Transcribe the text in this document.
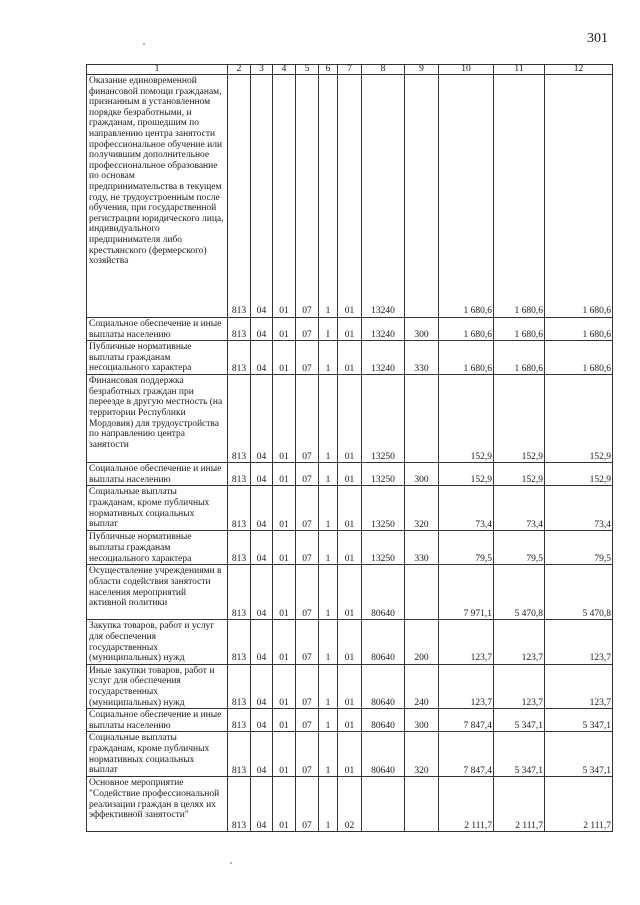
301
1	2	3	4	5	6	7	8	9	10	11	12
Оказание единовременной финансовой помощи гражданам, признанным в установленном порядке безработными, и гражданам, прошедшим по направлению центра занятости профессиональное обучение или получившим дополнительное профессиональное образование по основам предпринимательства в текущем году, не трудоустроенным после обучения, при государственной регистрации юридического лица, индивидуального предпринимателя либо крестьянского (фермерского) хозяйства	813	04	01	07	1	01	13240		1 680,6	1 680,6	1 680,6
Социальное обеспечение и иные выплаты населению	813	04	01	07	I	01	13240	300	1 680,6	1 680,6	1 680,6
Публичные нормативные выплаты гражданам несоциального характера	813	04	01	07	1	01	13240	330	1 680,6	1 680,6	1 680,6
Финансовая поддержка безработных граждан при переезде в другую местность (на территории Республики Мордовия) для трудоустройства по направлению центра занятости	813	04	01	07	1	01	13250		152,9	152,9	152,9
Социальное обеспечение и иные выплаты населению	813	04	01	07	1	01	13250	300	152,9	152,9	152,9
Социальные выплаты гражданам, кроме публичных нормативных социальных выплат	813	04	01	07	1	01	13250	320	73,4	73,4	73,4
Публичные нормативные выплаты гражданам несоциального характера	813	04	01	07	1	01	13250	330	79,5	79,5	79,5
Осуществление учреждениями в области содействия занятости населения мероприятий активной политики	813	04	01	07	1	01	80640		7 971,1	5 470,8	5 470,8
Закупка товаров, работ и услуг для обеспечения государственных (муниципальных) нужд	813	04	01	07	1	01	80640	200	123,7	123,7	123,7
Иные закупки товаров, работ и услуг для обеспечения государственных (муниципальных) нужд	813	04	01	07	1	01	80640	240	123,7	123,7	123,7
Социальное обеспечение и иные выплаты населению	813	04	01	07	1	01	80640	300	7 847,4	5 347,1	5 347,1
Социальные выплаты гражданам, кроме публичных нормативных социальных выплат	813	04	01	07	1	01	80640	320	7 847,4	5 347,1	5 347,1
Основное мероприятие "Содействие профессиональной реализации граждан в целях их эффективной занятости"	813	04	01	07	1	02			2 111,7	2 111,7	2 111,7
